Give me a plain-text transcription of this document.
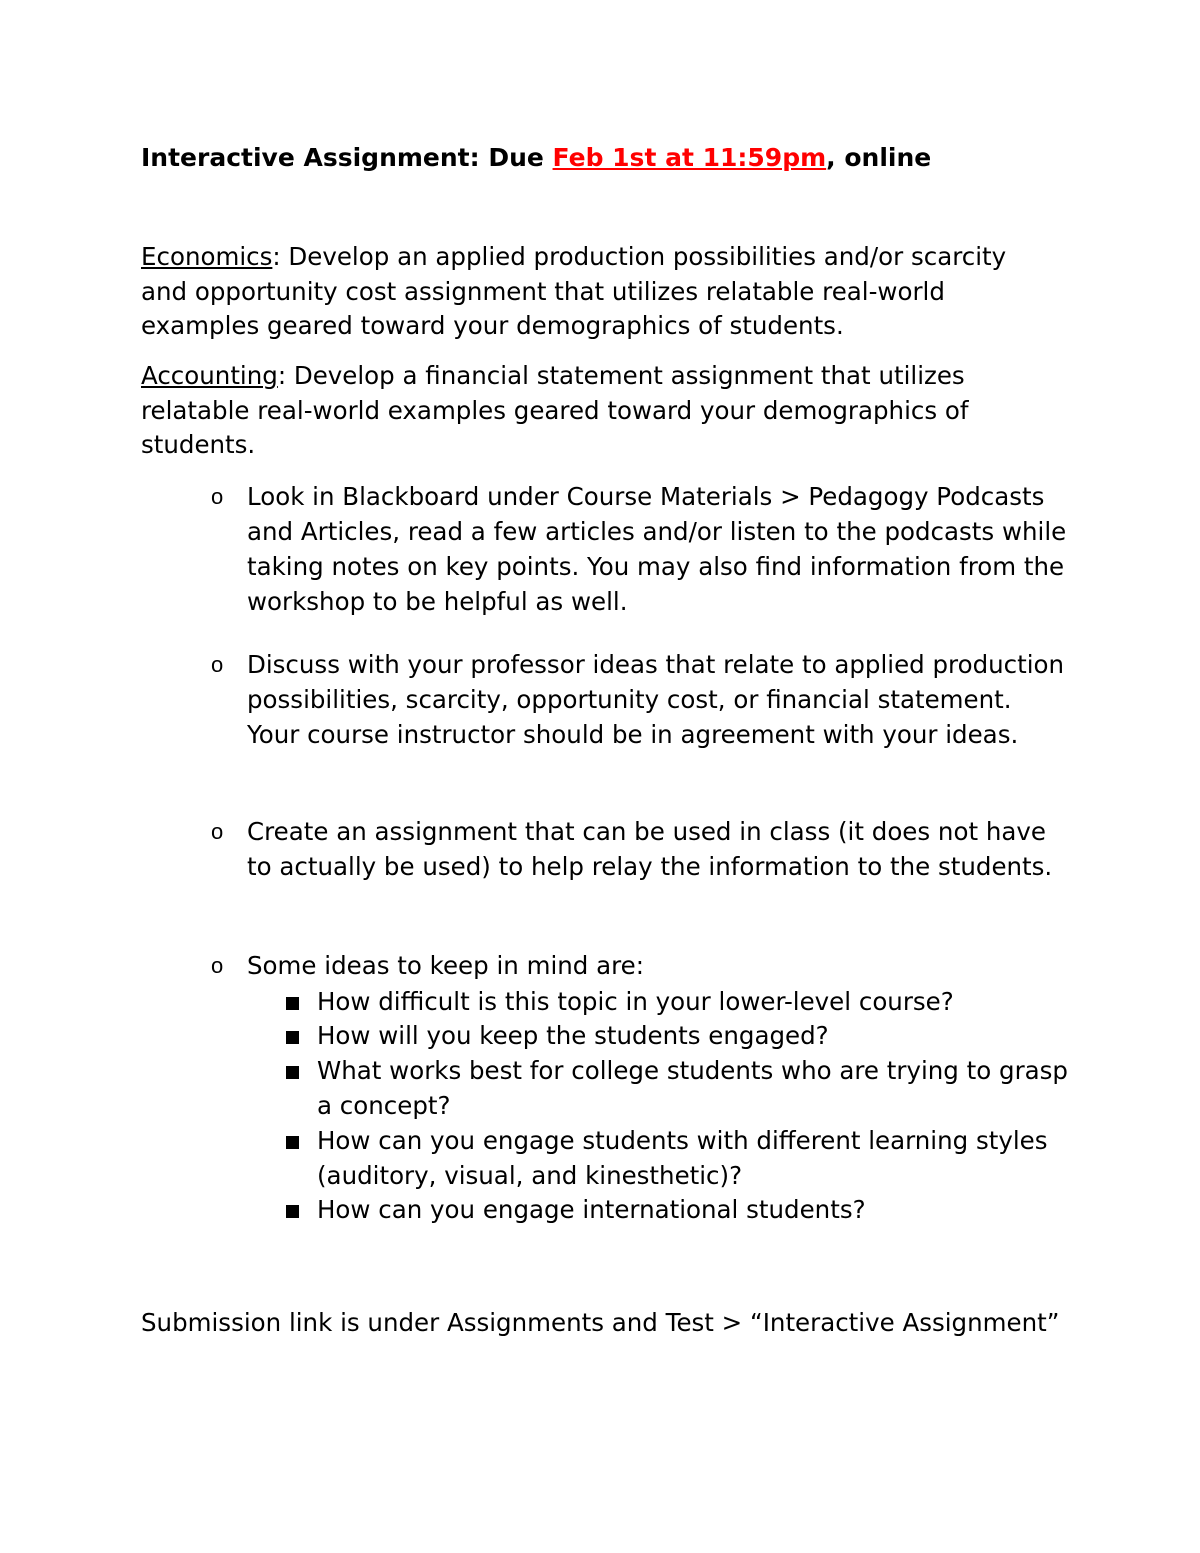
Interactive Assignment: Due Feb 1st at 11:59pm, online
Economics: Develop an applied production possibilities and/or scarcity and opportunity cost assignment that utilizes relatable real-world examples geared toward your demographics of students.
Accounting: Develop a financial statement assignment that utilizes relatable real-world examples geared toward your demographics of students.
o Look in Blackboard under Course Materials > Pedagogy Podcasts and Articles, read a few articles and/or listen to the podcasts while taking notes on key points. You may also find information from the workshop to be helpful as well.
o Discuss with your professor ideas that relate to applied production possibilities, scarcity, opportunity cost, or financial statement. Your course instructor should be in agreement with your ideas.
o Create an assignment that can be used in class (it does not have to actually be used) to help relay the information to the students.
o Some ideas to keep in mind are:
How difficult is this topic in your lower-level course?
How will you keep the students engaged?
What works best for college students who are trying to grasp a concept?
How can you engage students with different learning styles (auditory, visual, and kinesthetic)?
How can you engage international students?
Submission link is under Assignments and Test > “Interactive Assignment”
